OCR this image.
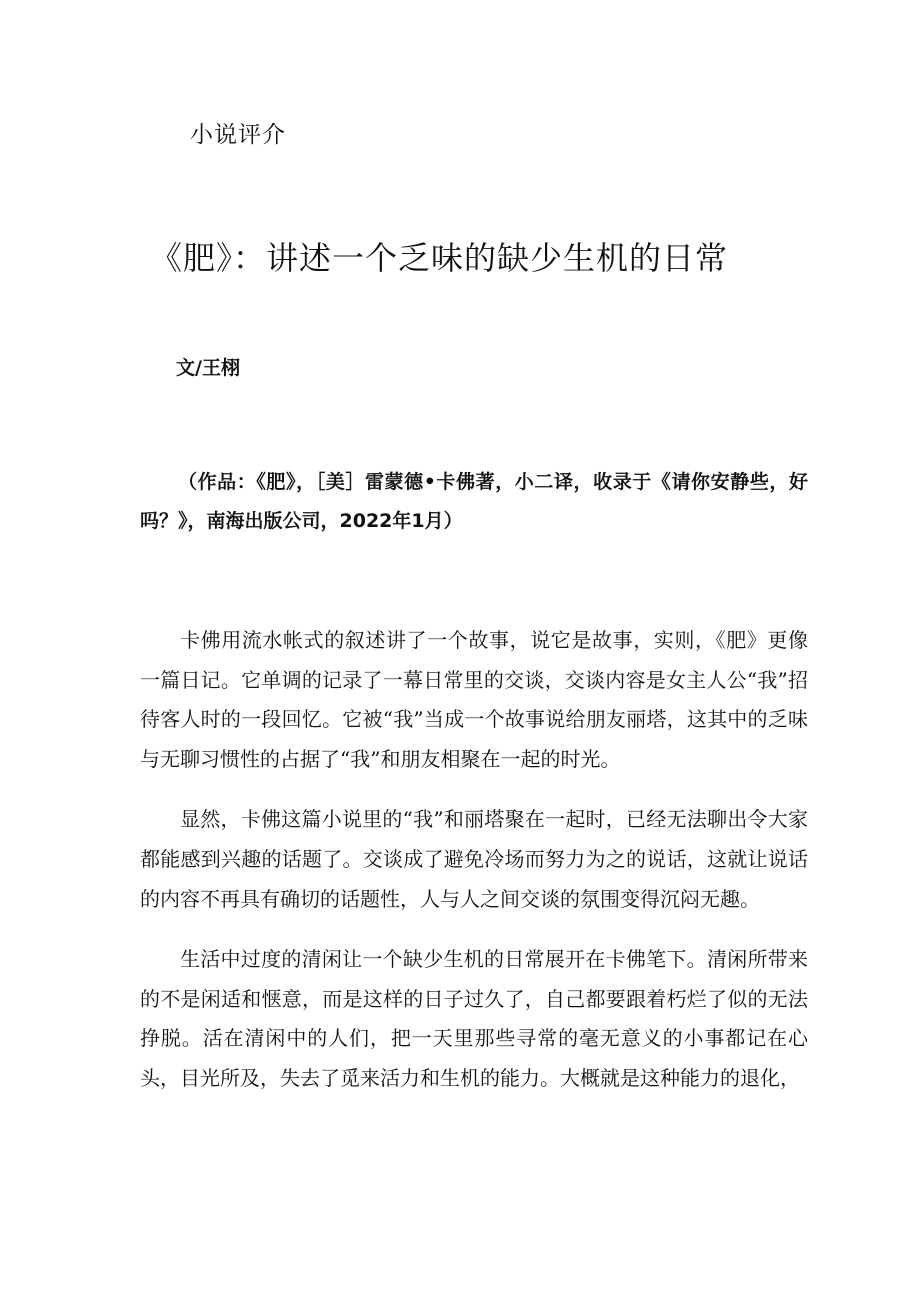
小说评介
《肥》：讲述一个乏味的缺少生机的日常
文/王栩
（作品：《肥》，［美］雷蒙德•卡佛著，小二译，收录于《请你安静些，好吗？》，南海出版公司，2022年1月）

卡佛用流水帐式的叙述讲了一个故事，说它是故事，实则，《肥》更像一篇日记。它单调的记录了一幕日常里的交谈，交谈内容是女主人公“我”招待客人时的一段回忆。它被“我”当成一个故事说给朋友丽塔，这其中的乏味与无聊习惯性的占据了“我”和朋友相聚在一起的时光。

显然，卡佛这篇小说里的“我”和丽塔聚在一起时，已经无法聊出令大家都能感到兴趣的话题了。交谈成了避免冷场而努力为之的说话，这就让说话的内容不再具有确切的话题性，人与人之间交谈的氛围变得沉闷无趣。

生活中过度的清闲让一个缺少生机的日常展开在卡佛笔下。清闲所带来的不是闲适和惬意，而是这样的日子过久了，自己都要跟着朽烂了似的无法挣脱。活在清闲中的人们，把一天里那些寻常的毫无意义的小事都记在心头，目光所及，失去了觅来活力和生机的能力。大概就是这种能力的退化，
